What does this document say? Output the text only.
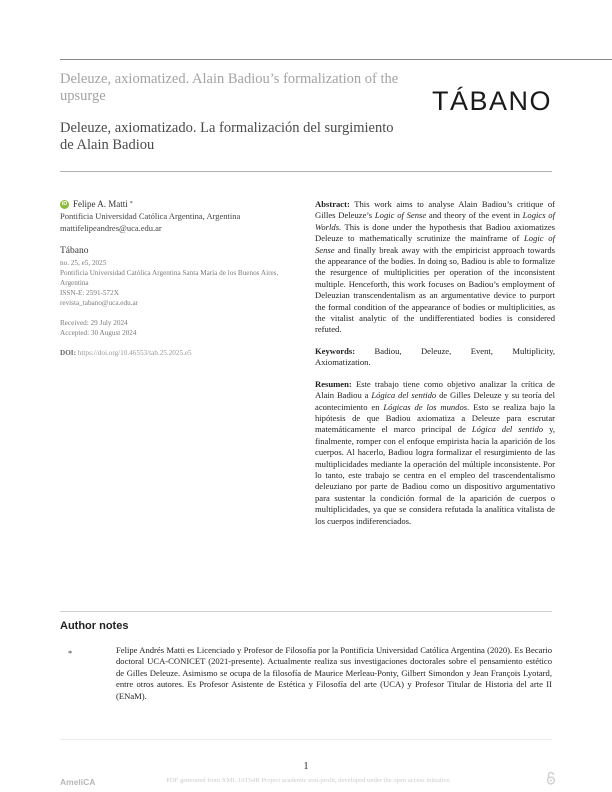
Deleuze, axiomatized. Alain Badiou’s formalization of the upsurge
Deleuze, axiomatizado. La formalización del surgimiento de Alain Badiou
TÁBANO
iD Felipe A. Matti *
Pontificia Universidad Católica Argentina, Argentina
mattifelipeandres@uca.edu.ar
Tábano
no. 25, e5, 2025
Pontificia Universidad Católica Argentina Santa María de los Buenos Aires, Argentina
ISSN-E: 2591-572X
revista_tabano@uca.edu.ar
Received: 29 July 2024
Accepted: 30 August 2024
DOI: https://doi.org/10.46553/tab.25.2025.e5

Abstract: This work aims to analyse Alain Badiou’s critique of Gilles Deleuze’s Logic of Sense and theory of the event in Logics of Worlds. This is done under the hypothesis that Badiou axiomatizes Deleuze to mathematically scrutinize the mainframe of Logic of Sense and finally break away with the empiricist approach towards the appearance of the bodies. In doing so, Badiou is able to formalize the resurgence of multiplicities per operation of the inconsistent multiple. Henceforth, this work focuses on Badiou’s employment of Deleuzian transcendentalism as an argumentative device to purport the formal condition of the appearance of bodies or multiplicities, as the vitalist analytic of the undifferentiated bodies is considered refuted.

Keywords: Badiou, Deleuze, Event, Multiplicity,
Axiomatization.

Resumen: Este trabajo tiene como objetivo analizar la crítica de Alain Badiou a Lógica del sentido de Gilles Deleuze y su teoría del acontecimiento en Lógicas de los mundos. Esto se realiza bajo la hipótesis de que Badiou axiomatiza a Deleuze para escrutar matemáticamente el marco principal de Lógica del sentido y, finalmente, romper con el enfoque empirista hacia la aparición de los cuerpos. Al hacerlo, Badiou logra formalizar el resurgimiento de las multiplicidades mediante la operación del múltiple inconsistente. Por lo tanto, este trabajo se centra en el empleo del trascendentalismo deleuziano por parte de Badiou como un dispositivo argumentativo para sustentar la condición formal de la aparición de cuerpos o multiplicidades, ya que se considera refutada la analítica vitalista de los cuerpos indiferenciados.

Author notes
*	Felipe Andrés Matti es Licenciado y Profesor de Filosofía por la Pontificia Universidad Católica Argentina (2020). Es Becario doctoral UCA-CONICET (2021-presente). Actualmente realiza sus investigaciones doctorales sobre el pensamiento estético de Gilles Deleuze. Asimismo se ocupa de la filosofía de Maurice Merleau-Ponty, Gilbert Simondon y Jean François Lyotard, entre otros autores. Es Profesor Asistente de Estética y Filosofía del arte (UCA) y Profesor Titular de Historia del arte II (ENaM).
1
AmeliCA	PDF generated from XML JATS4R Project academic non-profit, developed under the open access initiative
